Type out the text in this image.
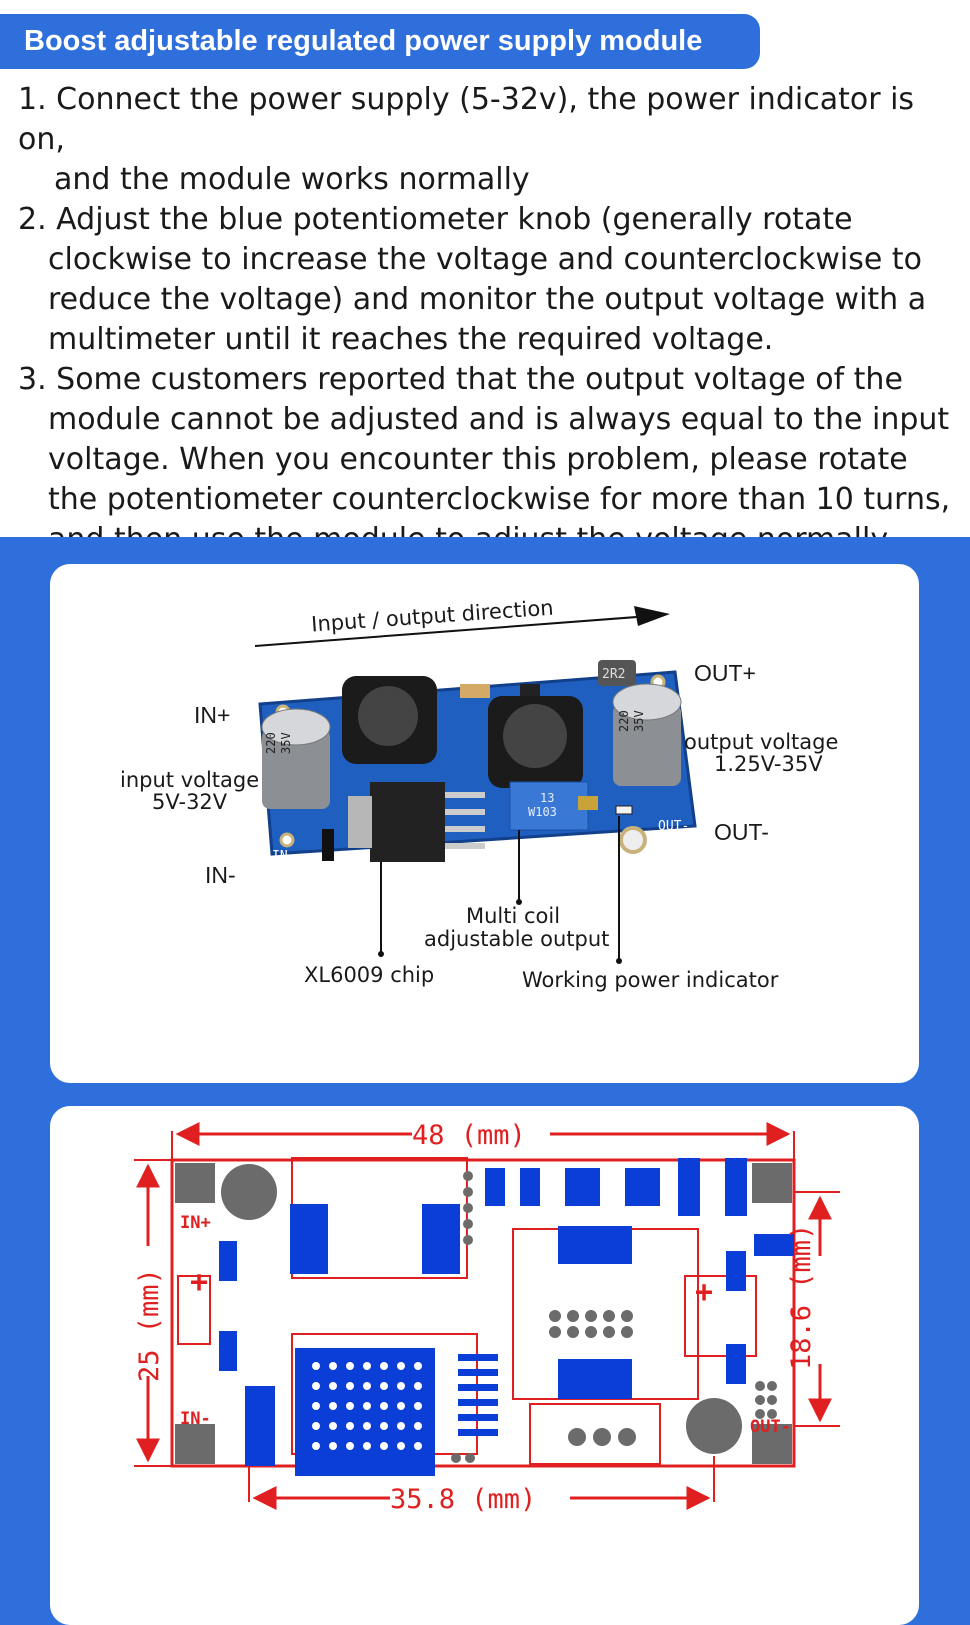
Boost adjustable regulated power supply module
1. Connect the power supply (5-32v), the power indicator is on,
and the module works normally
2. Adjust the blue potentiometer knob (generally rotate
clockwise to increase the voltage and counterclockwise to
reduce the voltage) and monitor the output voltage with a
multimeter until it reaches the required voltage.
3. Some customers reported that the output voltage of the
module cannot be adjusted and is always equal to the input
voltage. When you encounter this problem, please rotate
the potentiometer counterclockwise for more than 10 turns,
IN-
OUT-
2R2
W103
13
220 35V
220 35V
Input / output direction
IN+
input voltage
5V-32V
IN-
OUT+
output voltage
1.25V-35V
OUT-
Multi coil
adjustable output
XL6009 chip	Working power indicator
+	+
48 (mm)
35.8 (mm)
25 (mm)	18.6 (mm)
IN+
IN-	OUT-
